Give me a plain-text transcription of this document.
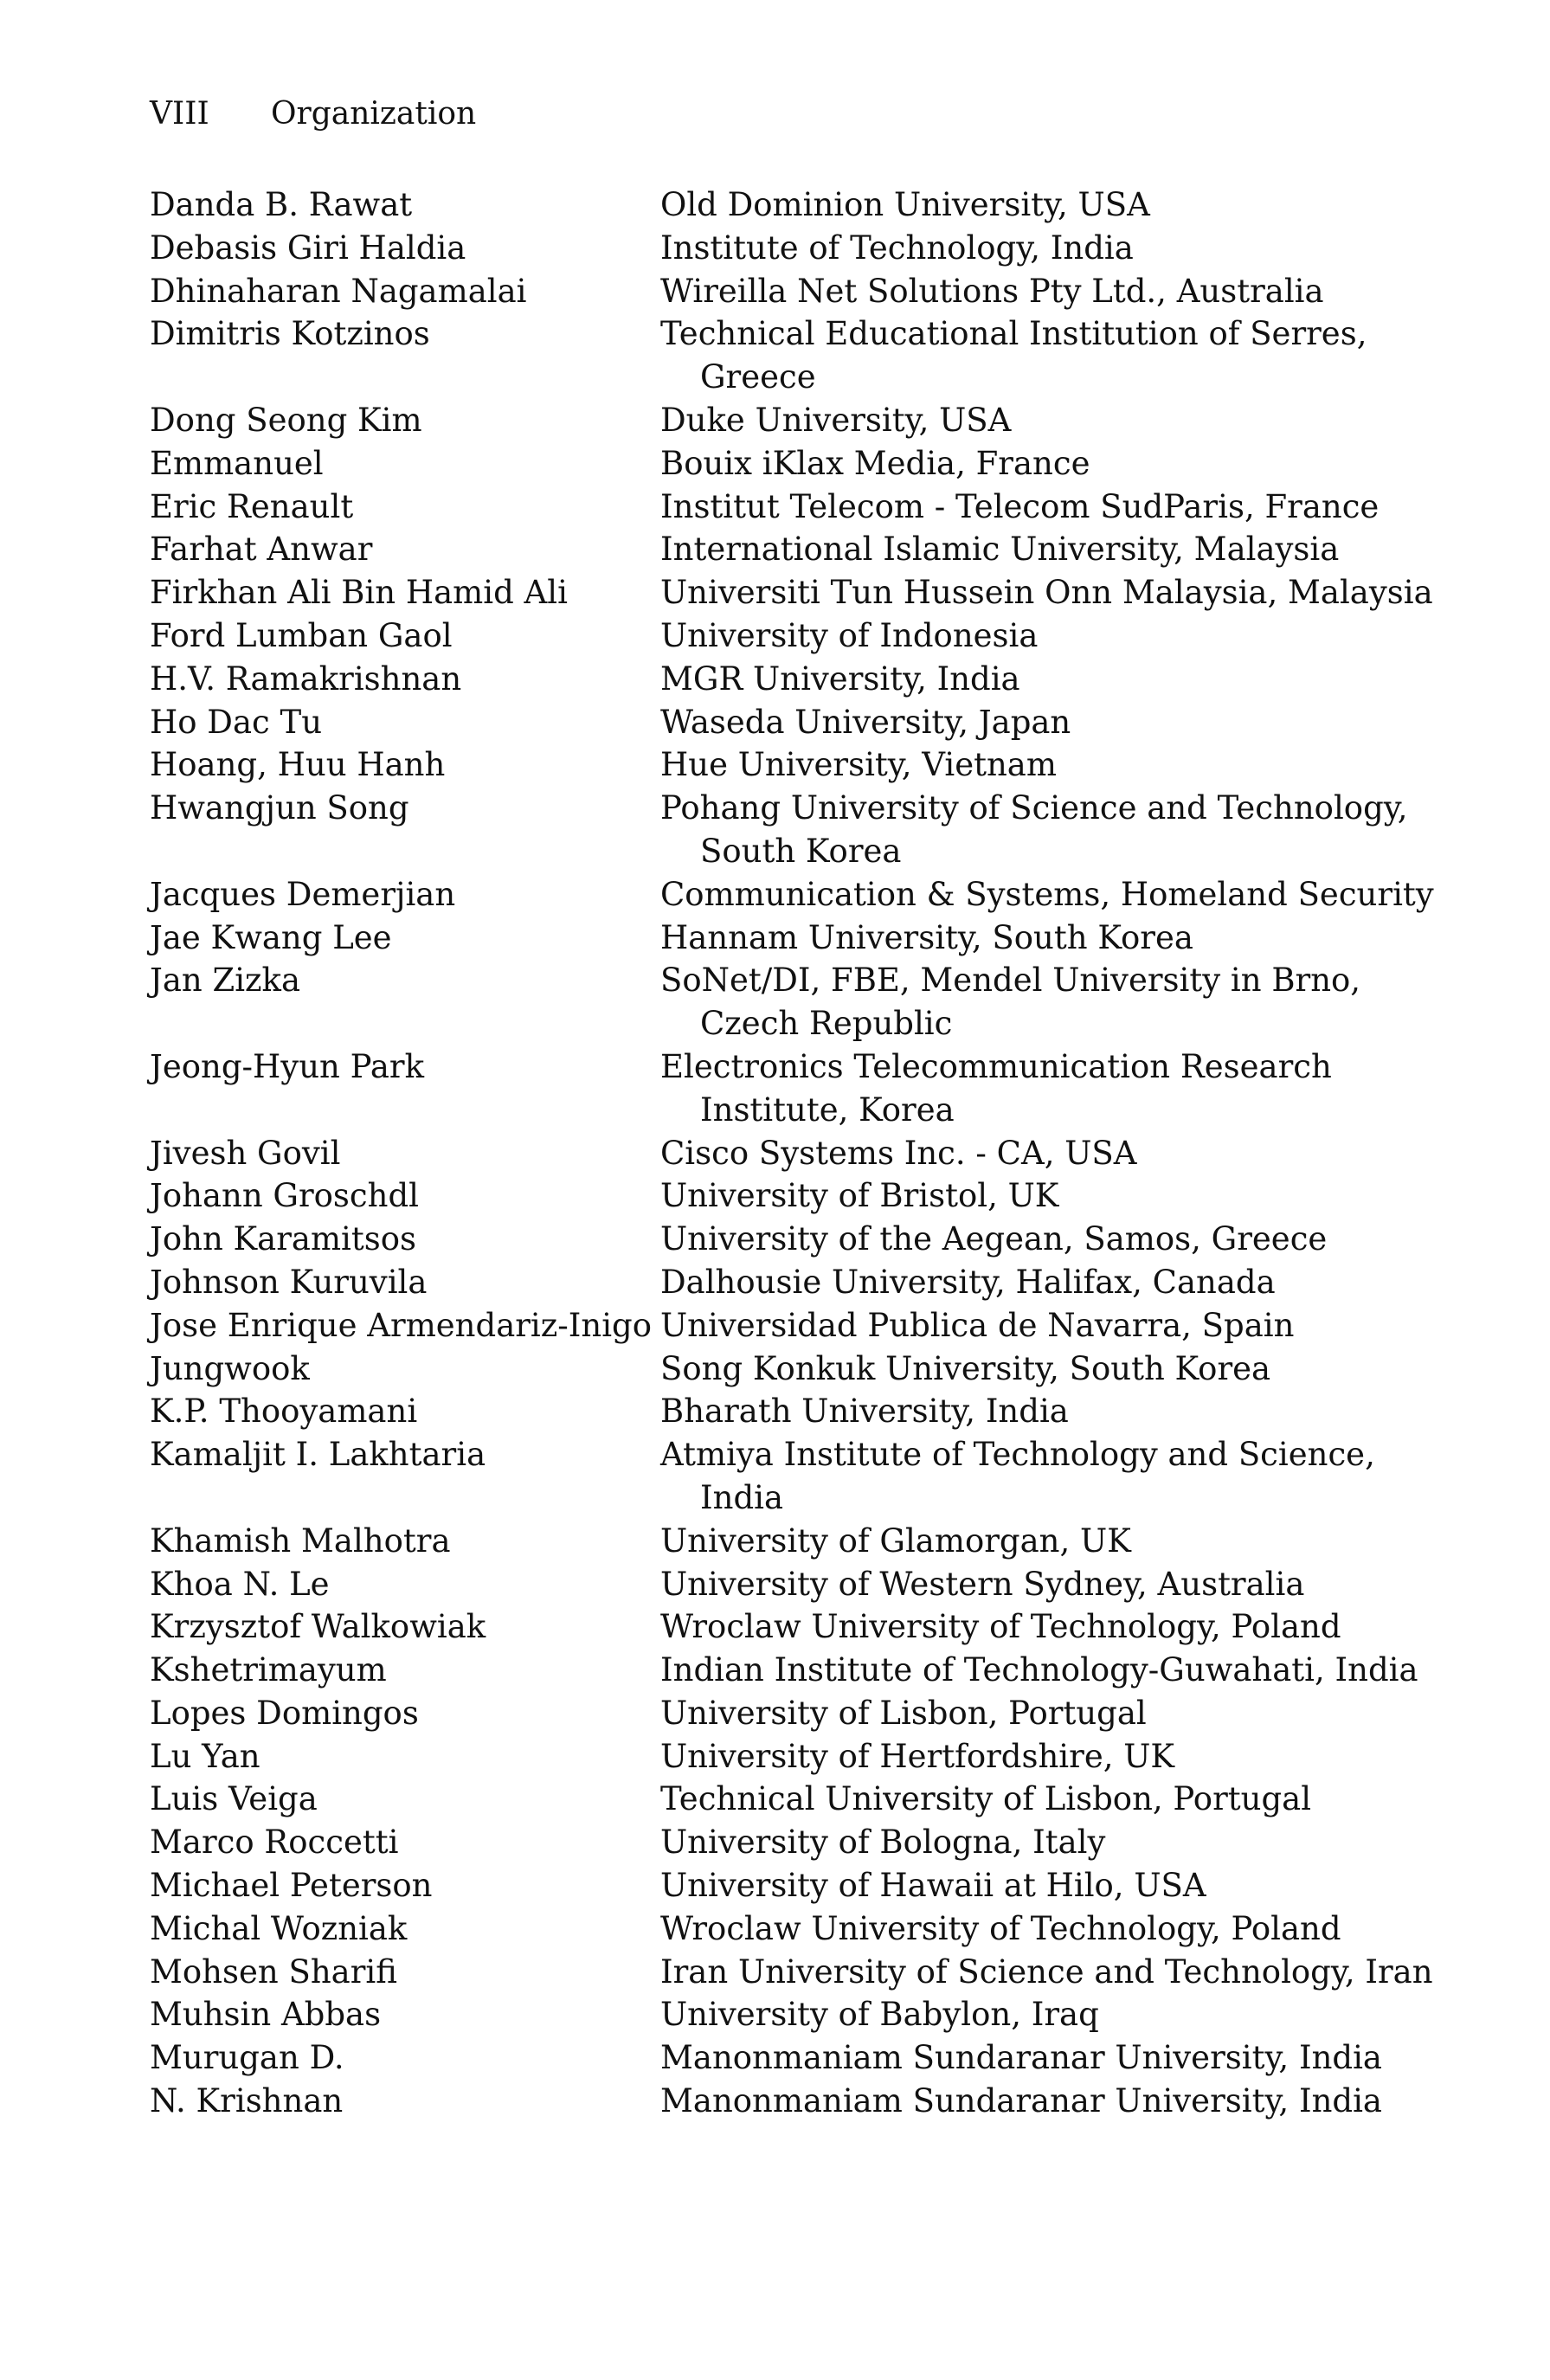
VIII Organization
Danda B. Rawat	Old Dominion University, USA
Debasis Giri Haldia	Institute of Technology, India
Dhinaharan Nagamalai	Wireilla Net Solutions Pty Ltd., Australia
Dimitris Kotzinos	Technical Educational Institution of Serres,
Greece
Dong Seong Kim	Duke University, USA
Emmanuel	Bouix iKlax Media, France
Eric Renault	Institut Telecom - Telecom SudParis, France
Farhat Anwar	International Islamic University, Malaysia
Firkhan Ali Bin Hamid Ali	Universiti Tun Hussein Onn Malaysia, Malaysia
Ford Lumban Gaol	University of Indonesia
H.V. Ramakrishnan	MGR University, India
Ho Dac Tu	Waseda University, Japan
Hoang, Huu Hanh	Hue University, Vietnam
Hwangjun Song	Pohang University of Science and Technology,
South Korea
Jacques Demerjian	Communication & Systems, Homeland Security
Jae Kwang Lee	Hannam University, South Korea
Jan Zizka	SoNet/DI, FBE, Mendel University in Brno,
Czech Republic
Jeong-Hyun Park	Electronics Telecommunication Research
Institute, Korea
Jivesh Govil	Cisco Systems Inc. - CA, USA
Johann Groschdl	University of Bristol, UK
John Karamitsos	University of the Aegean, Samos, Greece
Johnson Kuruvila	Dalhousie University, Halifax, Canada
Jose Enrique Armendariz-Inigo Universidad Publica de Navarra, Spain
Jungwook	Song Konkuk University, South Korea
K.P. Thooyamani	Bharath University, India
Kamaljit I. Lakhtaria	Atmiya Institute of Technology and Science,
India
Khamish Malhotra	University of Glamorgan, UK
Khoa N. Le	University of Western Sydney, Australia
Krzysztof Walkowiak	Wroclaw University of Technology, Poland
Kshetrimayum	Indian Institute of Technology-Guwahati, India
Lopes Domingos	University of Lisbon, Portugal
Lu Yan	University of Hertfordshire, UK
Luis Veiga	Technical University of Lisbon, Portugal
Marco Roccetti	University of Bologna, Italy
Michael Peterson	University of Hawaii at Hilo, USA
Michal Wozniak	Wroclaw University of Technology, Poland
Mohsen Sharifi	Iran University of Science and Technology, Iran
Muhsin Abbas	University of Babylon, Iraq
Murugan D.	Manonmaniam Sundaranar University, India
N. Krishnan	Manonmaniam Sundaranar University, India
